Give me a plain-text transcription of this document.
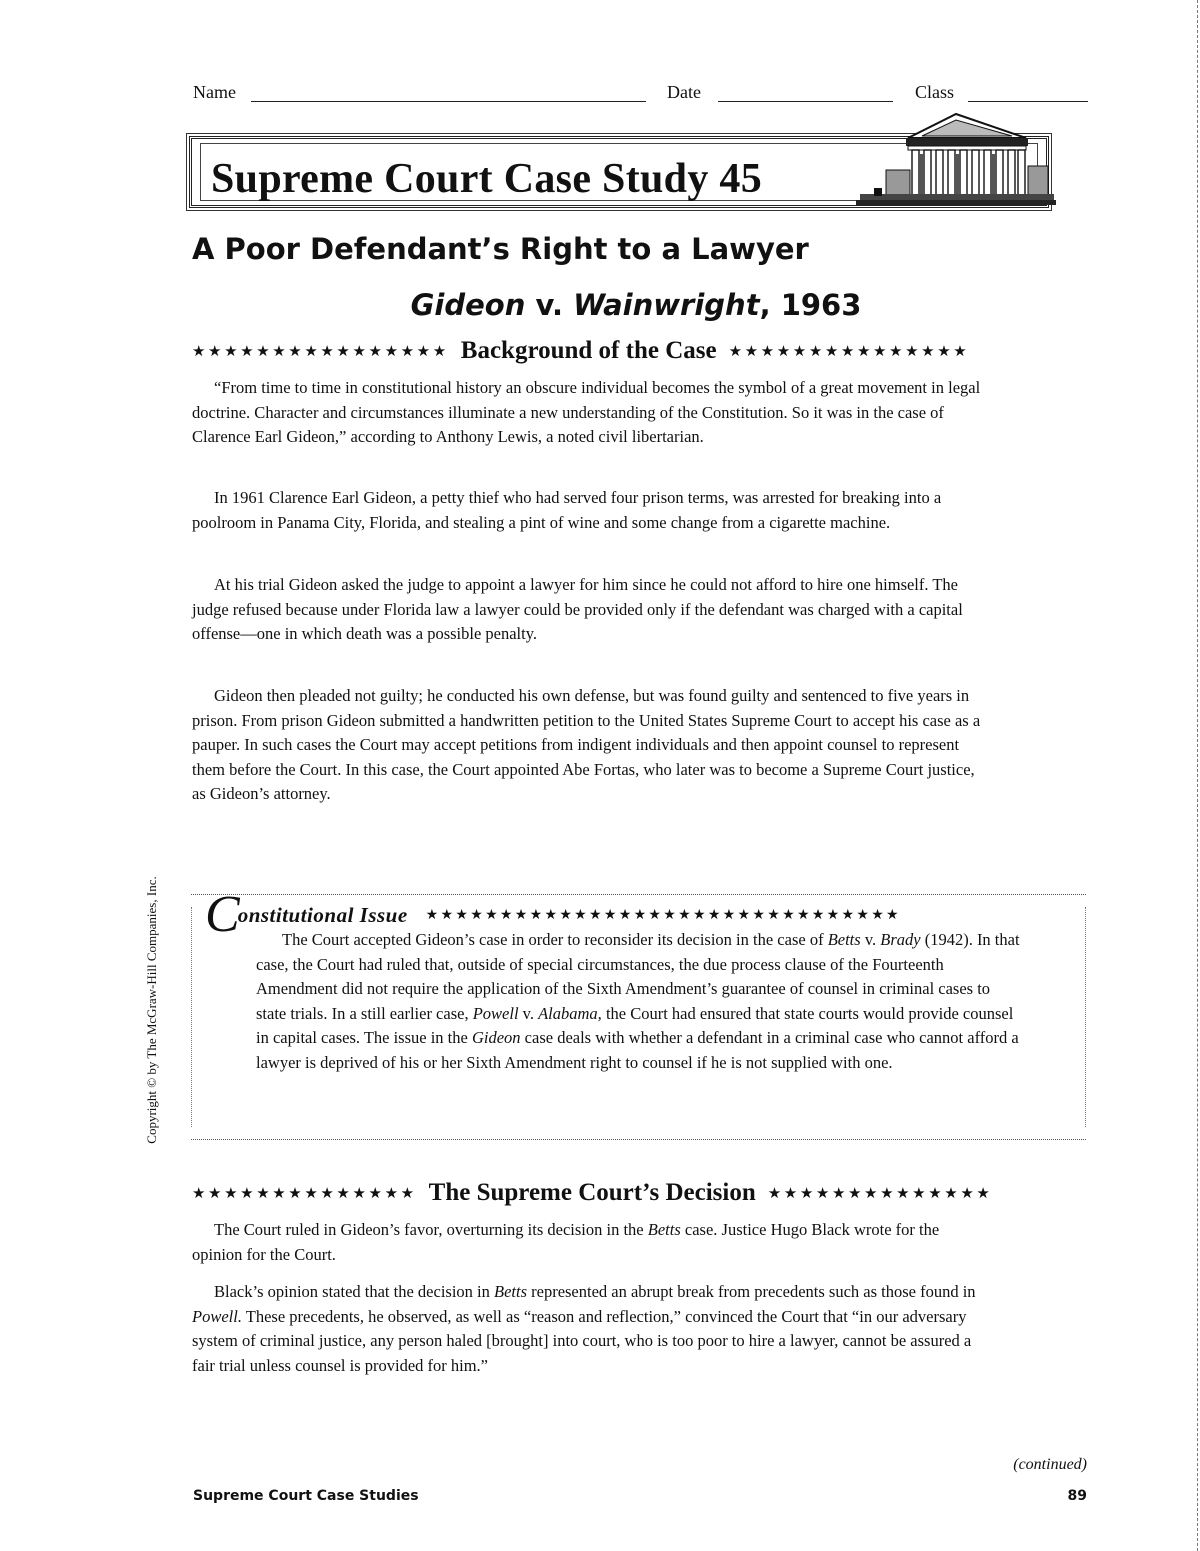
Name	Date	Class
Supreme Court Case Study 45
A Poor Defendant’s Right to a Lawyer
Gideon v. Wainwright, 1963
★★★★★★★★★★★★★★★★ Background of the Case ★★★★★★★★★★★★★★★

“From time to time in constitutional history an obscure individual becomes the symbol of a great movement in legal doctrine. Character and circumstances illuminate a new understanding of the Constitution. So it was in the case of Clarence Earl Gideon,” according to Anthony Lewis, a noted civil libertarian.

In 1961 Clarence Earl Gideon, a petty thief who had served four prison terms, was arrested for breaking into a poolroom in Panama City, Florida, and stealing a pint of wine and some change from a cigarette machine.

At his trial Gideon asked the judge to appoint a lawyer for him since he could not afford to hire one himself. The judge refused because under Florida law a lawyer could be provided only if the defendant was charged with a capital offense—one in which death was a possible penalty.

Gideon then pleaded not guilty; he conducted his own defense, but was found guilty and sentenced to five years in prison. From prison Gideon submitted a handwritten petition to the United States Supreme Court to accept his case as a pauper. In such cases the Court may accept petitions from indigent individuals and then appoint counsel to represent them before the Court. In this case, the Court appointed Abe Fortas, who later was to become a Supreme Court justice, as Gideon’s attorney.

C
onstitutional Issue ★★★★★★★★★★★★★★★★★★★★★★★★★★★★★★★★

The Court accepted Gideon’s case in order to reconsider its decision in the case of Betts v. Brady (1942). In that case, the Court had ruled that, outside of special circumstances, the due process clause of the Fourteenth Amendment did not require the application of the Sixth Amendment’s guarantee of counsel in criminal cases to state trials. In a still earlier case, Powell v. Alabama, the Court had ensured that state courts would provide counsel in capital cases. The issue in the Gideon case deals with whether a defendant in a criminal case who cannot afford a lawyer is deprived of his or her Sixth Amendment right to counsel if he is not supplied with one.

★★★★★★★★★★★★★★ The Supreme Court’s Decision ★★★★★★★★★★★★★★

The Court ruled in Gideon’s favor, overturning its decision in the Betts case. Justice Hugo Black wrote for the opinion for the Court.

Black’s opinion stated that the decision in Betts represented an abrupt break from precedents such as those found in Powell. These precedents, he observed, as well as “reason and reflection,” convinced the Court that “in our adversary system of criminal justice, any person haled [brought] into court, who is too poor to hire a lawyer, cannot be assured a fair trial unless counsel is provided for him.”

Copyright © by The McGraw-Hill Companies, Inc.
(continued)
Supreme Court Case Studies	89
